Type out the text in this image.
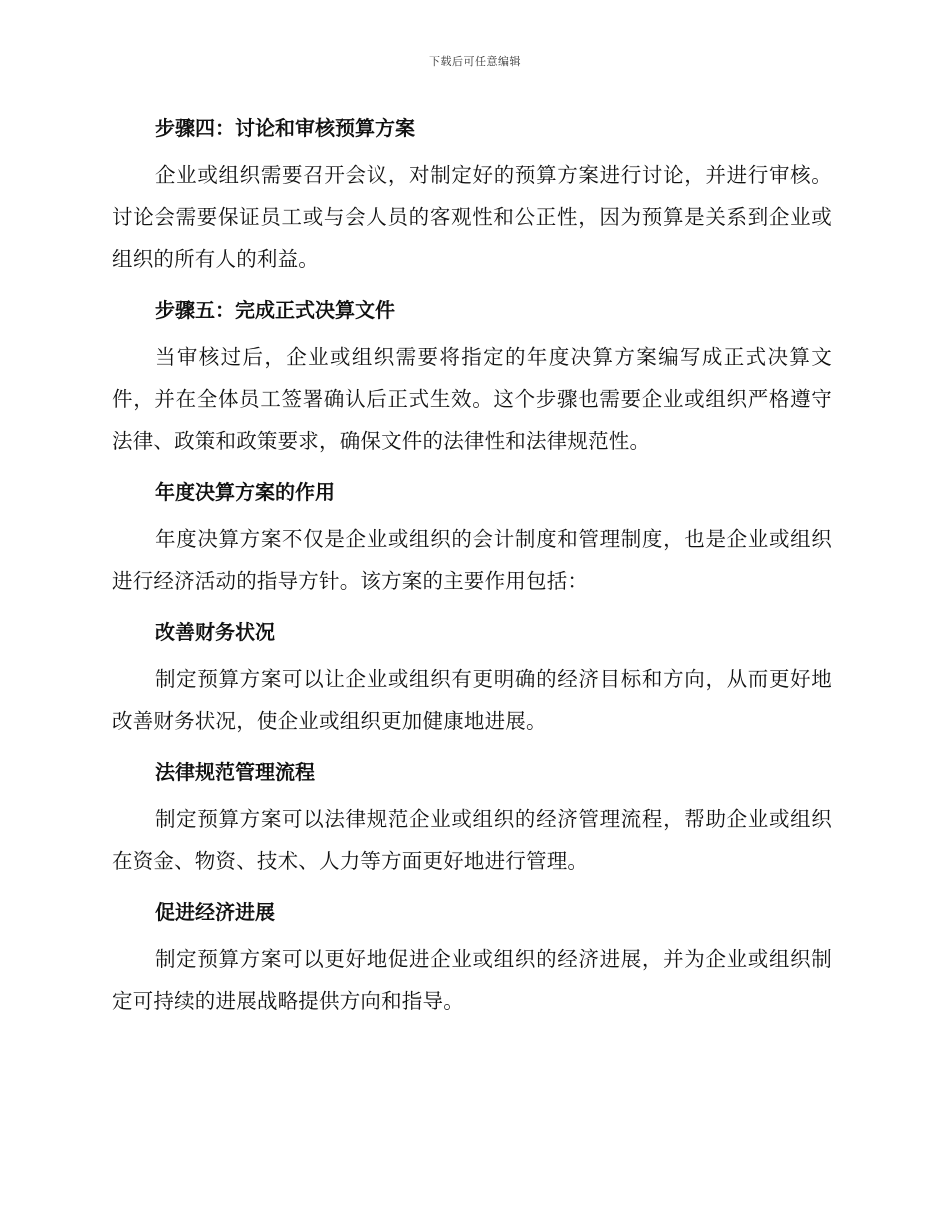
下载后可任意编辑
步骤四：讨论和审核预算方案

企业或组织需要召开会议，对制定好的预算方案进行讨论，并进行审核。讨论会需要保证员工或与会人员的客观性和公正性，因为预算是关系到企业或组织的所有人的利益。

步骤五：完成正式决算文件

当审核过后，企业或组织需要将指定的年度决算方案编写成正式决算文件，并在全体员工签署确认后正式生效。这个步骤也需要企业或组织严格遵守法律、政策和政策要求，确保文件的法律性和法律规范性。

年度决算方案的作用

年度决算方案不仅是企业或组织的会计制度和管理制度，也是企业或组织进行经济活动的指导方针。该方案的主要作用包括：

改善财务状况

制定预算方案可以让企业或组织有更明确的经济目标和方向，从而更好地改善财务状况，使企业或组织更加健康地进展。

法律规范管理流程

制定预算方案可以法律规范企业或组织的经济管理流程，帮助企业或组织在资金、物资、技术、人力等方面更好地进行管理。

促进经济进展

制定预算方案可以更好地促进企业或组织的经济进展，并为企业或组织制定可持续的进展战略提供方向和指导。
